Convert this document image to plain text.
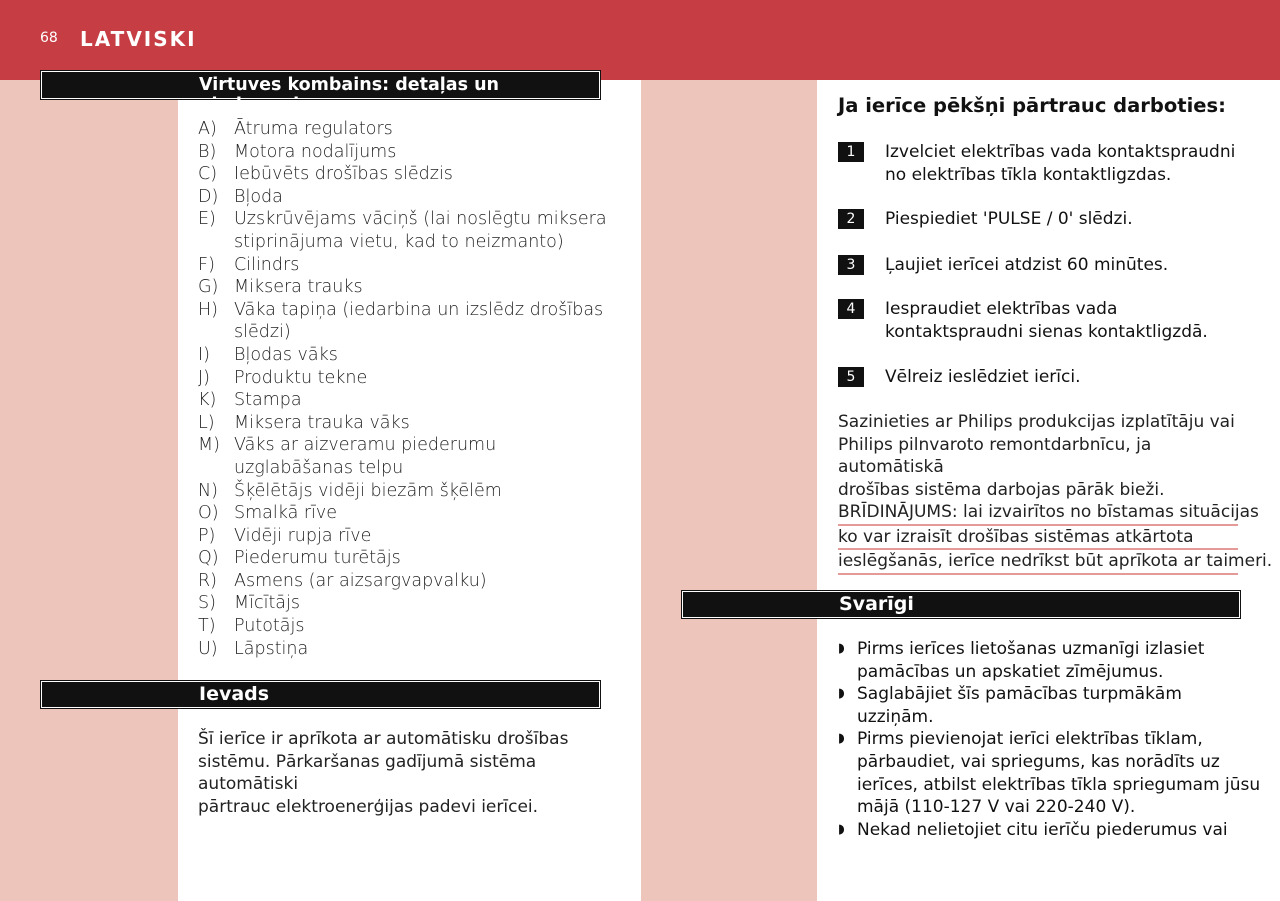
68 LATVISKI
Virtuves kombains: detaļas un piederumi
A) Ātruma regulators
B)	Motora nodalījums
C) Iebūvēts drošības slēdzis
D) Bļoda
E)	Uzskrūvējams vāciņš (lai noslēgtu miksera stiprinājuma vietu, kad to neizmanto)
F)	Cilindrs
G) Miksera trauks
H) Vāka tapiņa (iedarbina un izslēdz drošības slēdzi)
I)	Bļodas vāks
J)	Produktu tekne
K)	Stampa
L)	Miksera trauka vāks
M) Vāks ar aizveramu piederumu uzglabāšanas telpu
N) Šķēlētājs vidēji biezām šķēlēm
O) Smalkā rīve
P)	Vidēji rupja rīve
Q) Piederumu turētājs
R) Asmens (ar aizsargvapvalku)
S)	Mīcītājs
T)	Putotājs
U) Lāpstiņa
Ievads
Šī ierīce ir aprīkota ar automātisku drošības
sistēmu. Pārkaršanas gadījumā sistēma automātiski
pārtrauc elektroenerģijas padevi ierīcei.
Ja ierīce pēkšņi pārtrauc darboties:
1	Izvelciet elektrības vada kontaktspraudni
no elektrības tīkla kontaktligzdas.
2	Piespiediet 'PULSE / 0' slēdzi.
3	Ļaujiet ierīcei atdzist 60 minūtes.
4	Iespraudiet elektrības vada
kontaktspraudni sienas kontaktligzdā.
5	Vēlreiz ieslēdziet ierīci.
Sazinieties ar Philips produkcijas izplatītāju vai
Philips pilnvaroto remontdarbnīcu, ja automātiskā
drošības sistēma darbojas pārāk bieži.
BRĪDINĀJUMS: lai izvairītos no bīstamas situācijas
ko var izraisīt drošības sistēmas atkārtota
ieslēgšanās, ierīce nedrīkst būt aprīkota ar taimeri.
Svarīgi
◗ Pirms ierīces lietošanas uzmanīgi izlasiet
pamācības un apskatiet zīmējumus.
◗ Saglabājiet šīs pamācības turpmākām
uzziņām.
◗ Pirms pievienojat ierīci elektrības tīklam,
pārbaudiet, vai spriegums, kas norādīts uz
ierīces, atbilst elektrības tīkla spriegumam jūsu
mājā (110-127 V vai 220-240 V).
◗ Nekad nelietojiet citu ierīču piederumus vai
